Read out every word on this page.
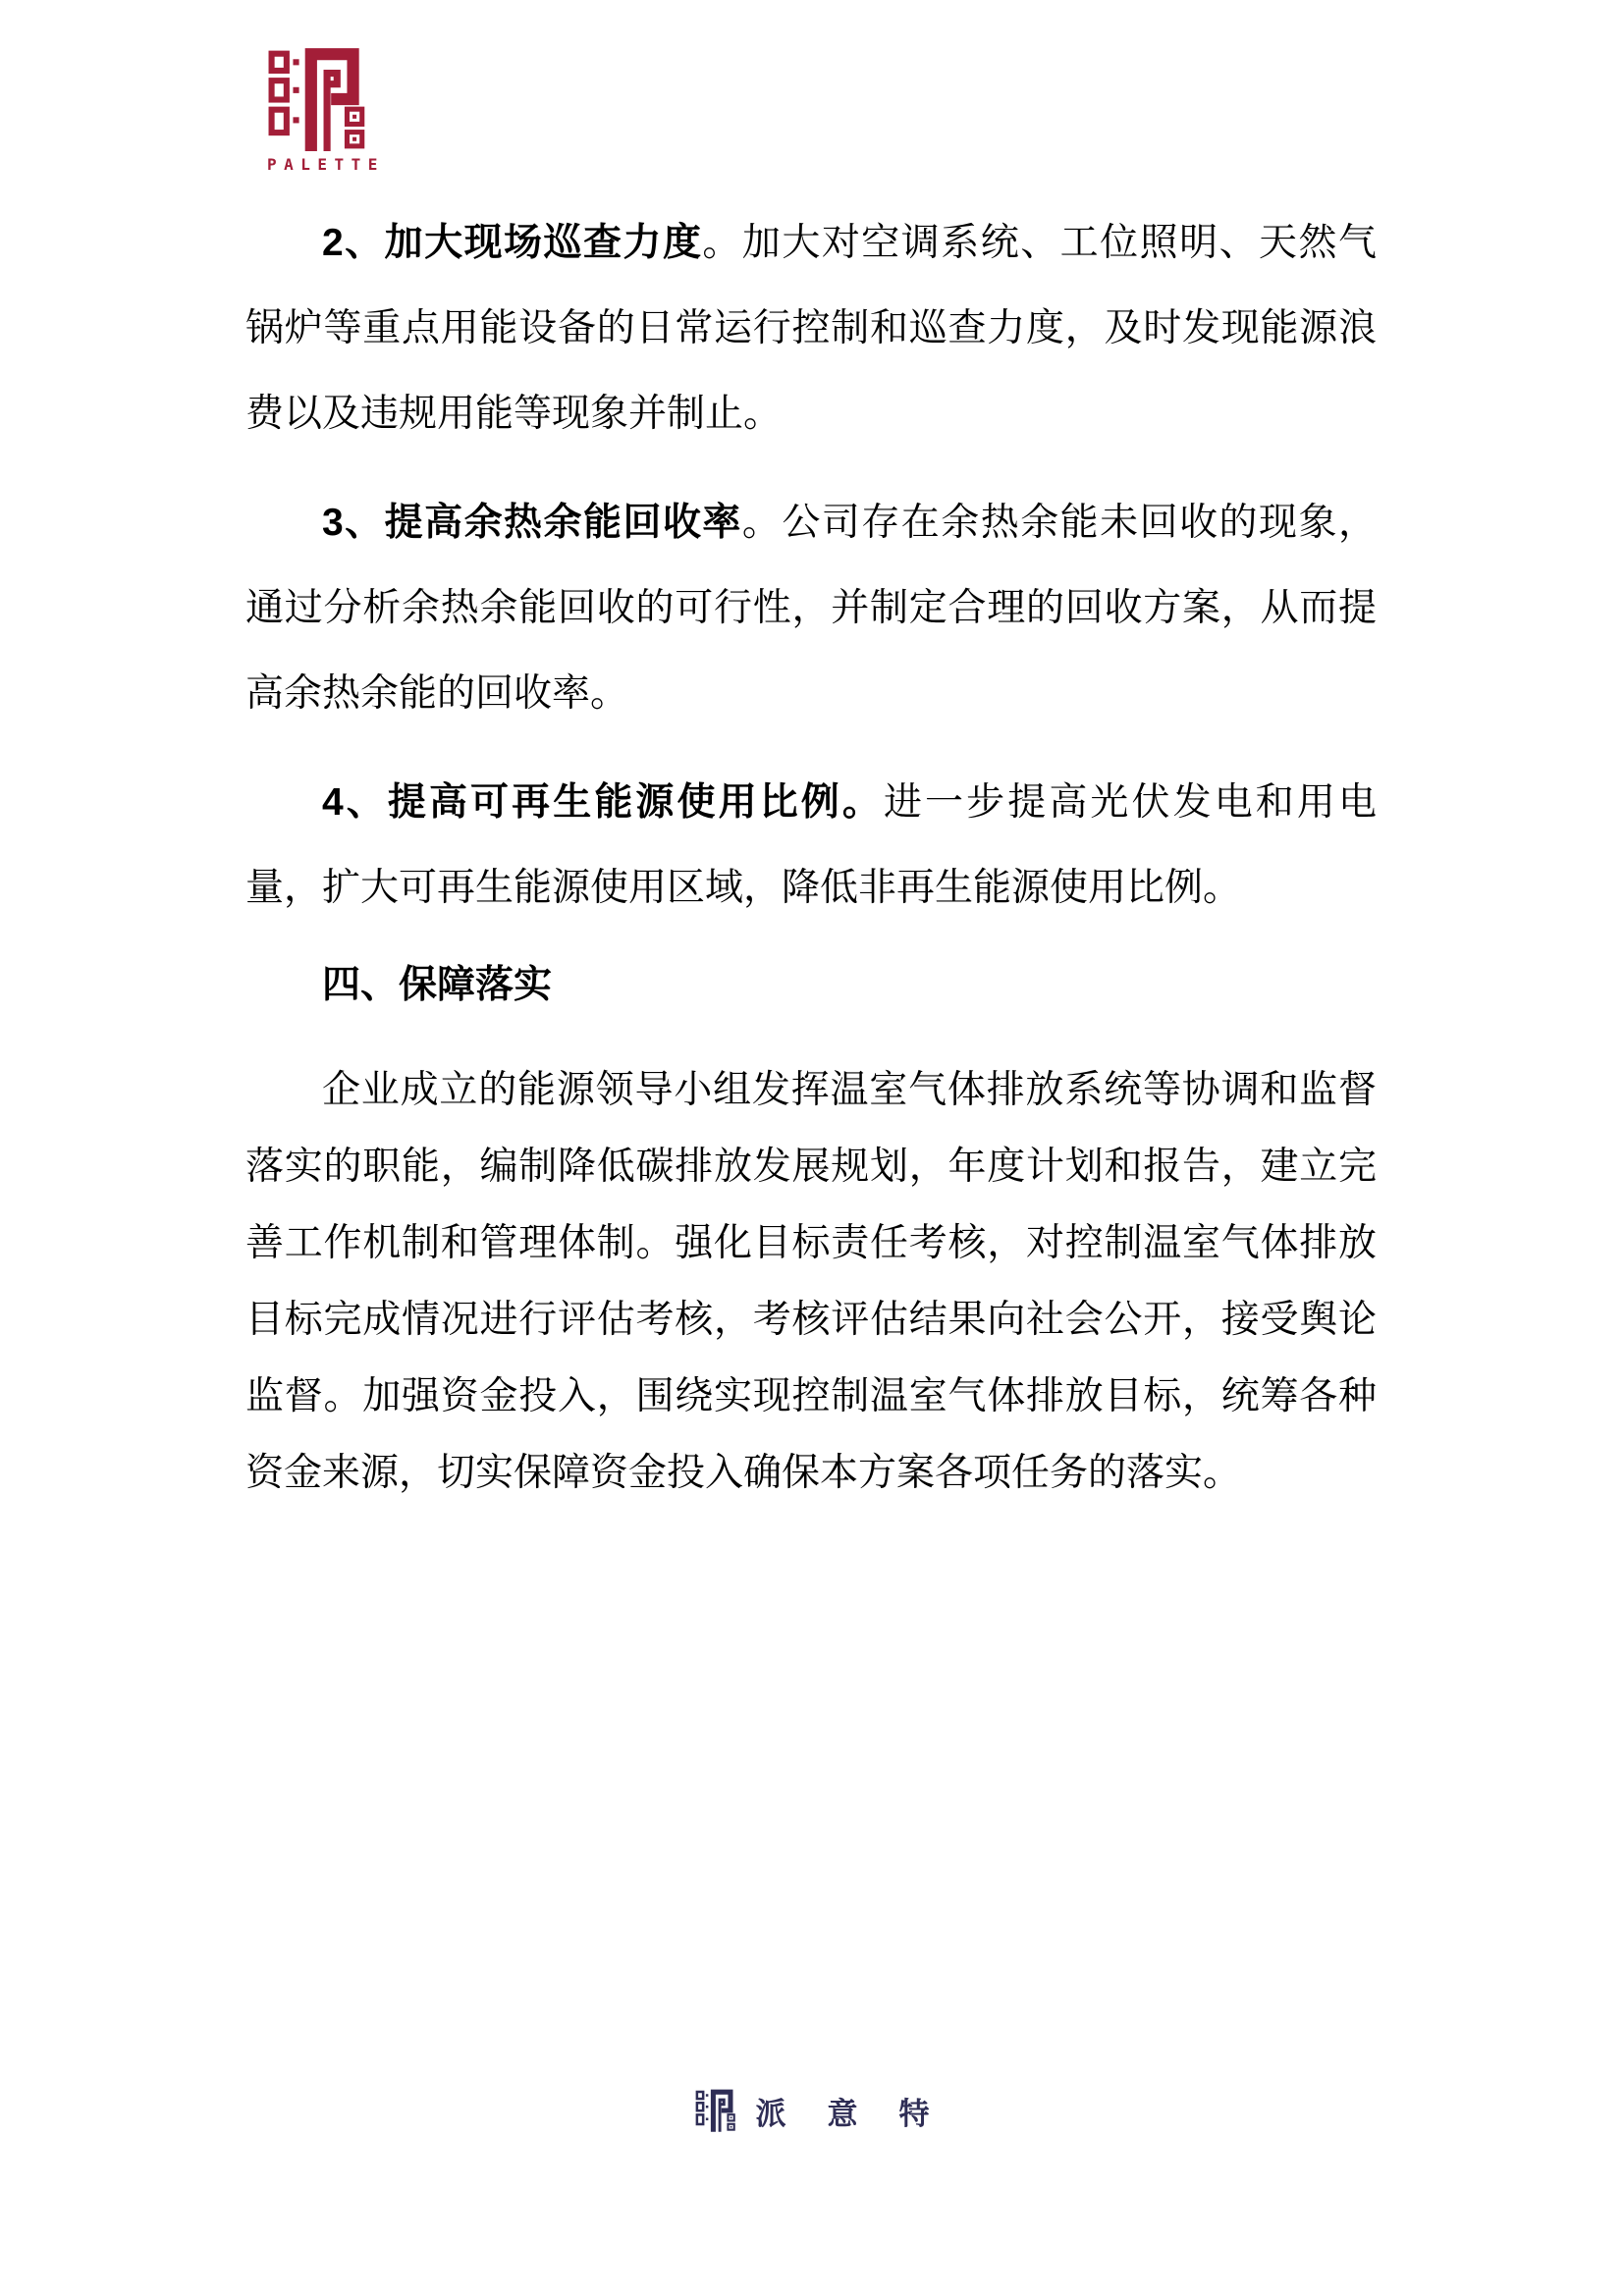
PALETTE

2、加大现场巡查力度。加大对空调系统、工位照明、天然气锅炉等重点用能设备的日常运行控制和巡查力度，及时发现能源浪费以及违规用能等现象并制止。

3、提高余热余能回收率。公司存在余热余能未回收的现象，通过分析余热余能回收的可行性，并制定合理的回收方案，从而提高余热余能的回收率。

4、提高可再生能源使用比例。进一步提高光伏发电和用电量，扩大可再生能源使用区域，降低非再生能源使用比例。

四、保障落实

企业成立的能源领导小组发挥温室气体排放系统等协调和监督落实的职能，编制降低碳排放发展规划，年度计划和报告，建立完善工作机制和管理体制。强化目标责任考核，对控制温室气体排放目标完成情况进行评估考核，考核评估结果向社会公开，接受舆论监督。加强资金投入，围绕实现控制温室气体排放目标，统筹各种资金来源，切实保障资金投入确保本方案各项任务的落实。

派意特
